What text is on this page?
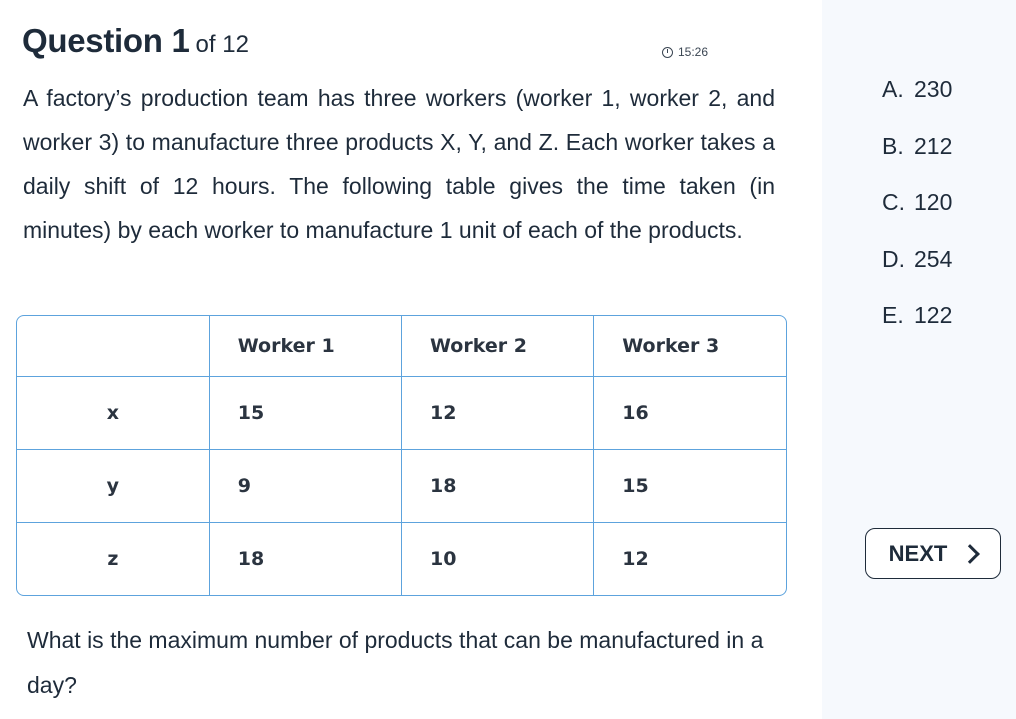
Question 1 of 12	15:26
A factory’s production team has three workers (worker 1, worker 2, and worker 3) to manufacture three products X, Y, and Z. Each worker takes a daily shift of 12 hours. The following table gives the time taken (in minutes) by each worker to manufacture 1 unit of each of the products.
	Worker 1	Worker 2	Worker 3
x	15	12	16
y	9	18	15
z	18	10	12
What is the maximum number of products that can be manufactured in a day?
A. 230
B. 212
C. 120
D. 254
E. 122
NEXT
